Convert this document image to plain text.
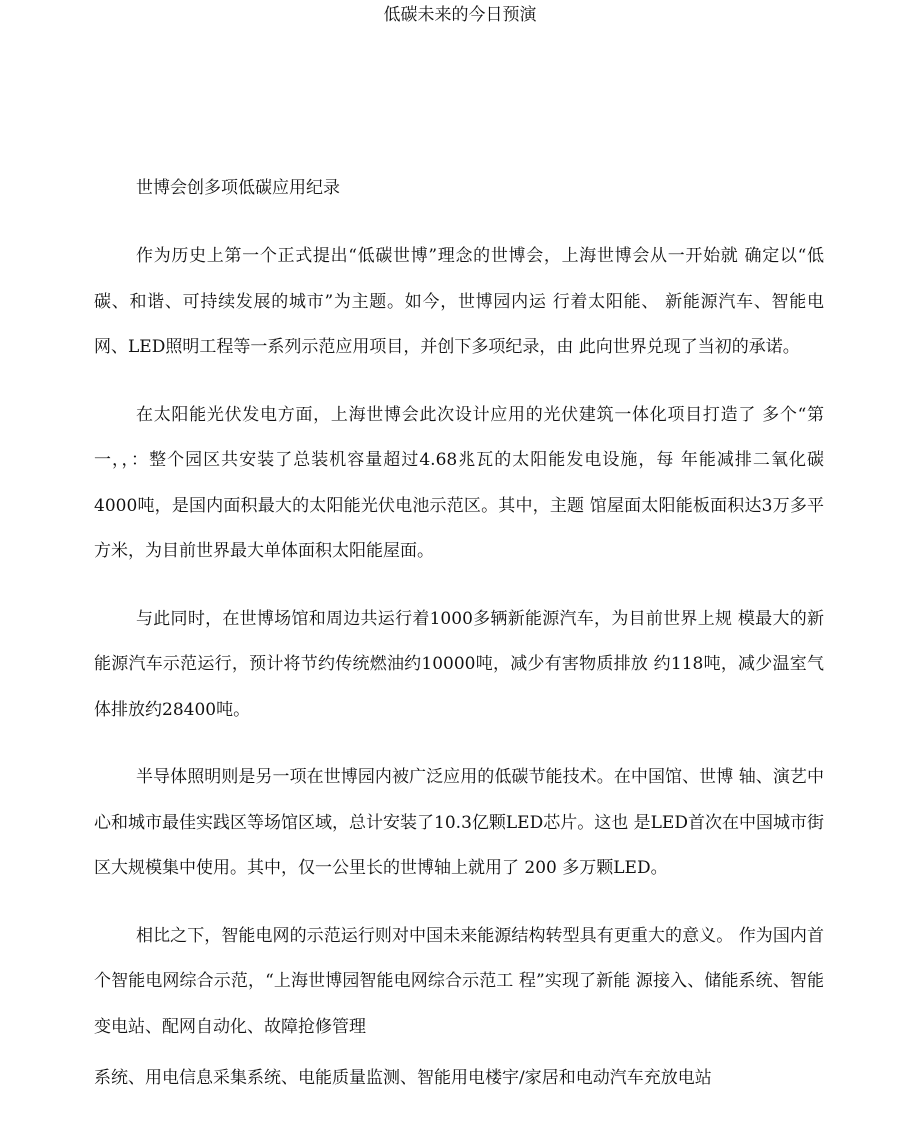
低碳未来的今日预演

世博会创多项低碳应用纪录

作为历史上第一个正式提出“低碳世博”理念的世博会，上海世博会从一开始就 确定以“低碳、和谐、可持续发展的城市”为主题。如今，世博园内运 行着太阳能、 新能源汽车、智能电网、LED照明工程等一系列示范应用项目，并创下多项纪录，由 此向世界兑现了当初的承诺。

在太阳能光伏发电方面，上海世博会此次设计应用的光伏建筑一体化项目打造了 多个“第一，，：整个园区共安装了总装机容量超过4.68兆瓦的太阳能发电设施，每 年能减排二氧化碳4000吨，是国内面积最大的太阳能光伏电池示范区。其中，主题 馆屋面太阳能板面积达3万多平方米，为目前世界最大单体面积太阳能屋面。

与此同时，在世博场馆和周边共运行着1000多辆新能源汽车，为目前世界上规 模最大的新能源汽车示范运行，预计将节约传统燃油约10000吨，减少有害物质排放 约118吨，减少温室气体排放约28400吨。

半导体照明则是另一项在世博园内被广泛应用的低碳节能技术。在中国馆、世博 轴、演艺中心和城市最佳实践区等场馆区域，总计安装了10.3亿颗LED芯片。这也 是LED首次在中国城市街区大规模集中使用。其中，仅一公里长的世博轴上就用了 200 多万颗LED。

相比之下，智能电网的示范运行则对中国未来能源结构转型具有更重大的意义。 作为国内首个智能电网综合示范，“上海世博园智能电网综合示范工 程”实现了新能 源接入、储能系统、智能变电站、配网自动化、故障抢修管理

系统、用电信息采集系统、电能质量监测、智能用电楼宇/家居和电动汽车充放电站
